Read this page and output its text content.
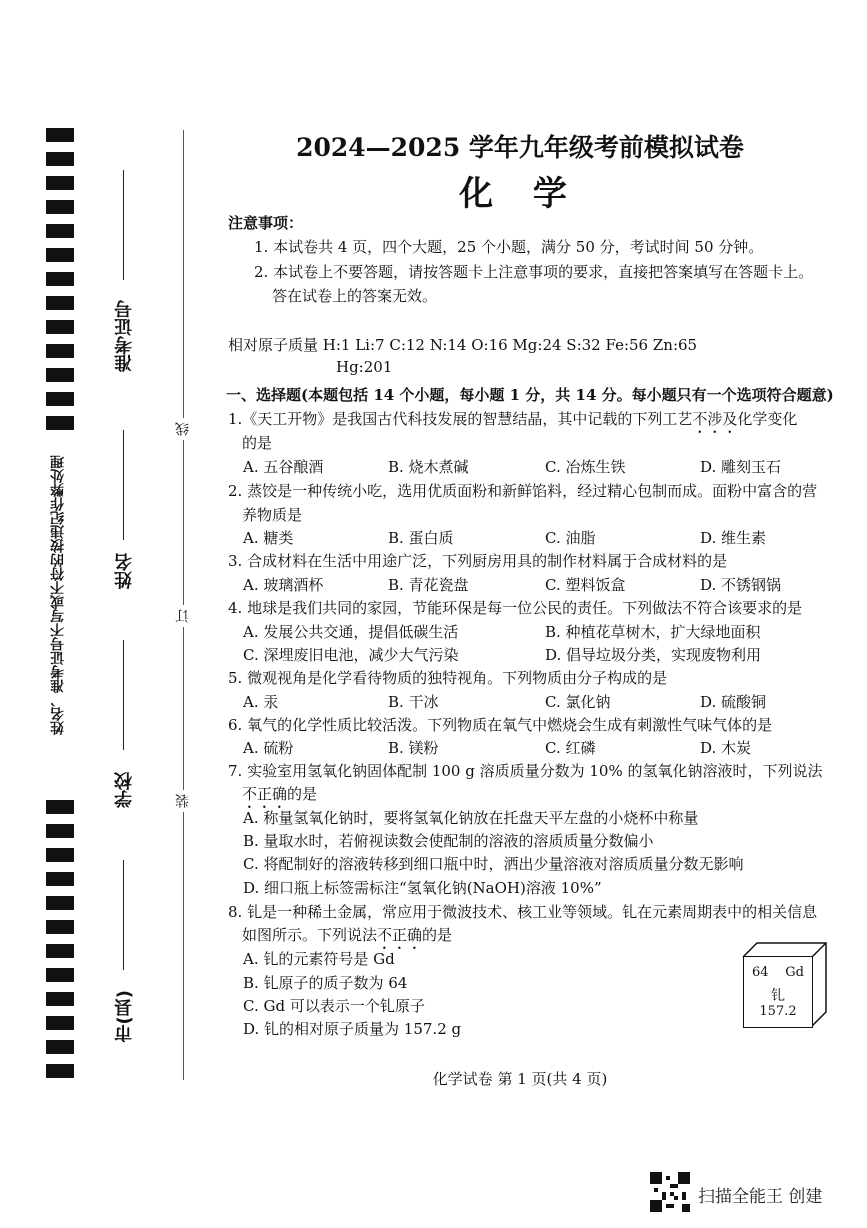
姓名、准考证号不写或不符的按违纪作弊处理
准考证号
姓名
学校
市(县)
线
订
装
2024—2025 学年九年级考前模拟试卷
化 学
注意事项：
1. 本试卷共 4 页，四个大题，25 个小题，满分 50 分，考试时间 50 分钟。
2. 本试卷上不要答题，请按答题卡上注意事项的要求，直接把答案填写在答题卡上。
答在试卷上的答案无效。
相对原子质量 H:1 Li:7 C:12 N:14 O:16 Mg:24 S:32 Fe:56 Zn:65
Hg:201
一、选择题(本题包括 14 个小题，每小题 1 分，共 14 分。每小题只有一个选项符合题意)
1.《天工开物》是我国古代科技发展的智慧结晶，其中记载的下列工艺不涉及化学变化
的是
A. 五谷酿酒	B. 烧木煮碱	C. 冶炼生铁	D. 雕刻玉石
2. 蒸饺是一种传统小吃，选用优质面粉和新鲜馅料，经过精心包制而成。面粉中富含的营
养物质是
A. 糖类	B. 蛋白质	C. 油脂	D. 维生素
3. 合成材料在生活中用途广泛，下列厨房用具的制作材料属于合成材料的是
A. 玻璃酒杯	B. 青花瓷盘	C. 塑料饭盒	D. 不锈钢锅
4. 地球是我们共同的家园，节能环保是每一位公民的责任。下列做法不符合该要求的是
A. 发展公共交通，提倡低碳生活	B. 种植花草树木，扩大绿地面积
C. 深埋废旧电池，减少大气污染	D. 倡导垃圾分类，实现废物利用
5. 微观视角是化学看待物质的独特视角。下列物质由分子构成的是
A. 汞	B. 干冰	C. 氯化钠	D. 硫酸铜
6. 氧气的化学性质比较活泼。下列物质在氧气中燃烧会生成有刺激性气味气体的是
A. 硫粉	B. 镁粉	C. 红磷	D. 木炭
7. 实验室用氢氧化钠固体配制 100 g 溶质质量分数为 10% 的氢氧化钠溶液时，下列说法
不正确的是
A. 称量氢氧化钠时，要将氢氧化钠放在托盘天平左盘的小烧杯中称量
B. 量取水时，若俯视读数会使配制的溶液的溶质质量分数偏小
C. 将配制好的溶液转移到细口瓶中时，洒出少量溶液对溶质质量分数无影响
D. 细口瓶上标签需标注“氢氧化钠(NaOH)溶液 10%”
8. 钆是一种稀土金属，常应用于微波技术、核工业等领域。钆在元素周期表中的相关信息
如图所示。下列说法不正确的是
A. 钆的元素符号是 Gd
B. 钆原子的质子数为 64
C. Gd 可以表示一个钆原子
D. 钆的相对原子质量为 157.2 g
64 Gd
钆
157.2
化学试卷 第 1 页(共 4 页)
扫描全能王 创建
